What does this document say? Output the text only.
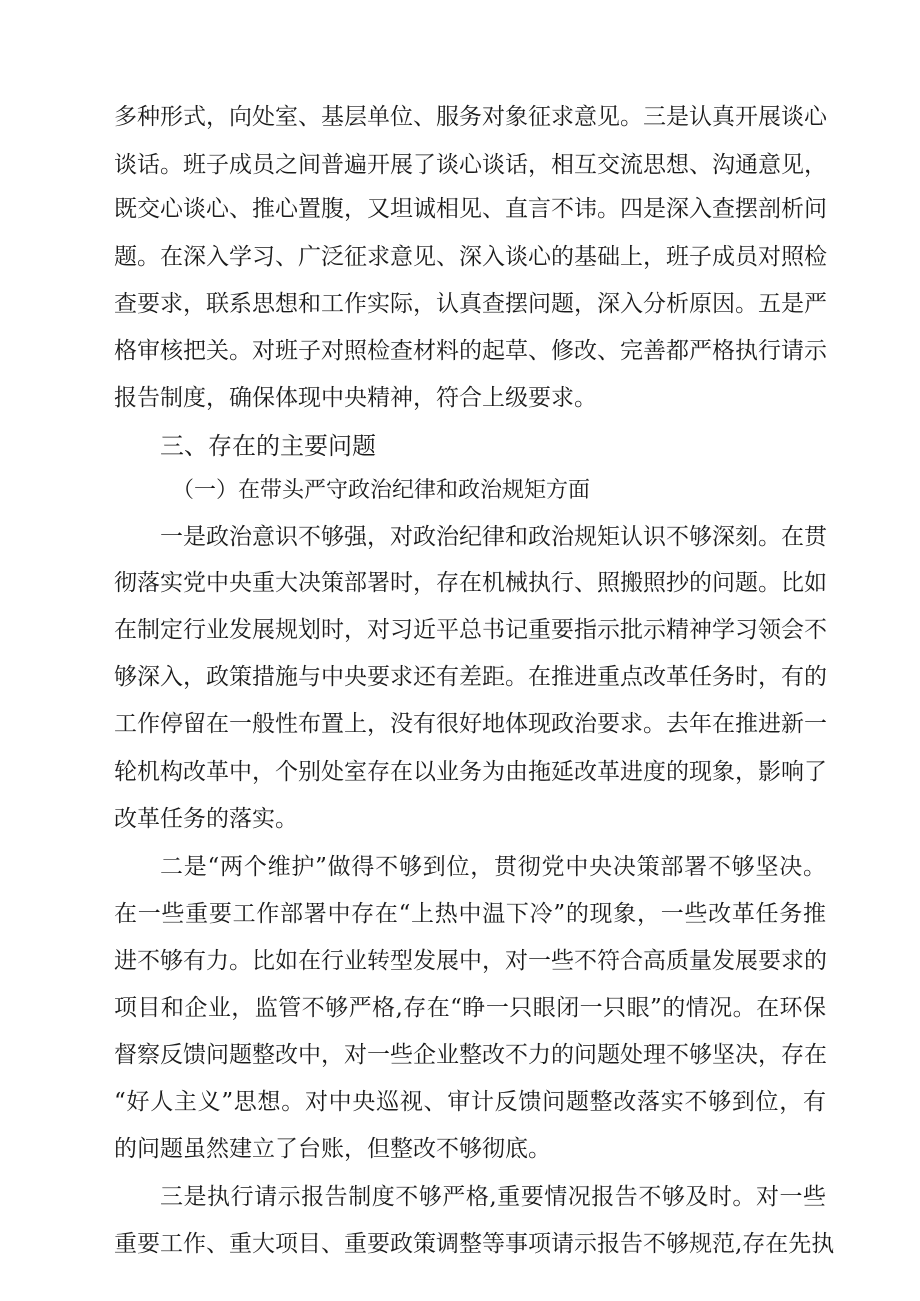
多种形式，向处室、基层单位、服务对象征求意见。三是认真开展谈心
谈话。班子成员之间普遍开展了谈心谈话，相互交流思想、沟通意见，
既交心谈心、推心置腹，又坦诚相见、直言不讳。四是深入查摆剖析问
题。在深入学习、广泛征求意见、深入谈心的基础上，班子成员对照检
查要求，联系思想和工作实际，认真查摆问题，深入分析原因。五是严
格审核把关。对班子对照检查材料的起草、修改、完善都严格执行请示
报告制度，确保体现中央精神，符合上级要求。
三、存在的主要问题
（一）在带头严守政治纪律和政治规矩方面
一是政治意识不够强，对政治纪律和政治规矩认识不够深刻。在贯
彻落实党中央重大决策部署时，存在机械执行、照搬照抄的问题。比如
在制定行业发展规划时，对习近平总书记重要指示批示精神学习领会不
够深入，政策措施与中央要求还有差距。在推进重点改革任务时，有的
工作停留在一般性布置上，没有很好地体现政治要求。去年在推进新一
轮机构改革中，个别处室存在以业务为由拖延改革进度的现象，影响了
改革任务的落实。
二是“两个维护”做得不够到位，贯彻党中央决策部署不够坚决。
在一些重要工作部署中存在“上热中温下冷”的现象，一些改革任务推
进不够有力。比如在行业转型发展中，对一些不符合高质量发展要求的
项目和企业，监管不够严格,存在“睁一只眼闭一只眼”的情况。在环保
督察反馈问题整改中，对一些企业整改不力的问题处理不够坚决，存在
“好人主义”思想。对中央巡视、审计反馈问题整改落实不够到位，有
的问题虽然建立了台账，但整改不够彻底。
三是执行请示报告制度不够严格,重要情况报告不够及时。对一些
重要工作、重大项目、重要政策调整等事项请示报告不够规范,存在先执
